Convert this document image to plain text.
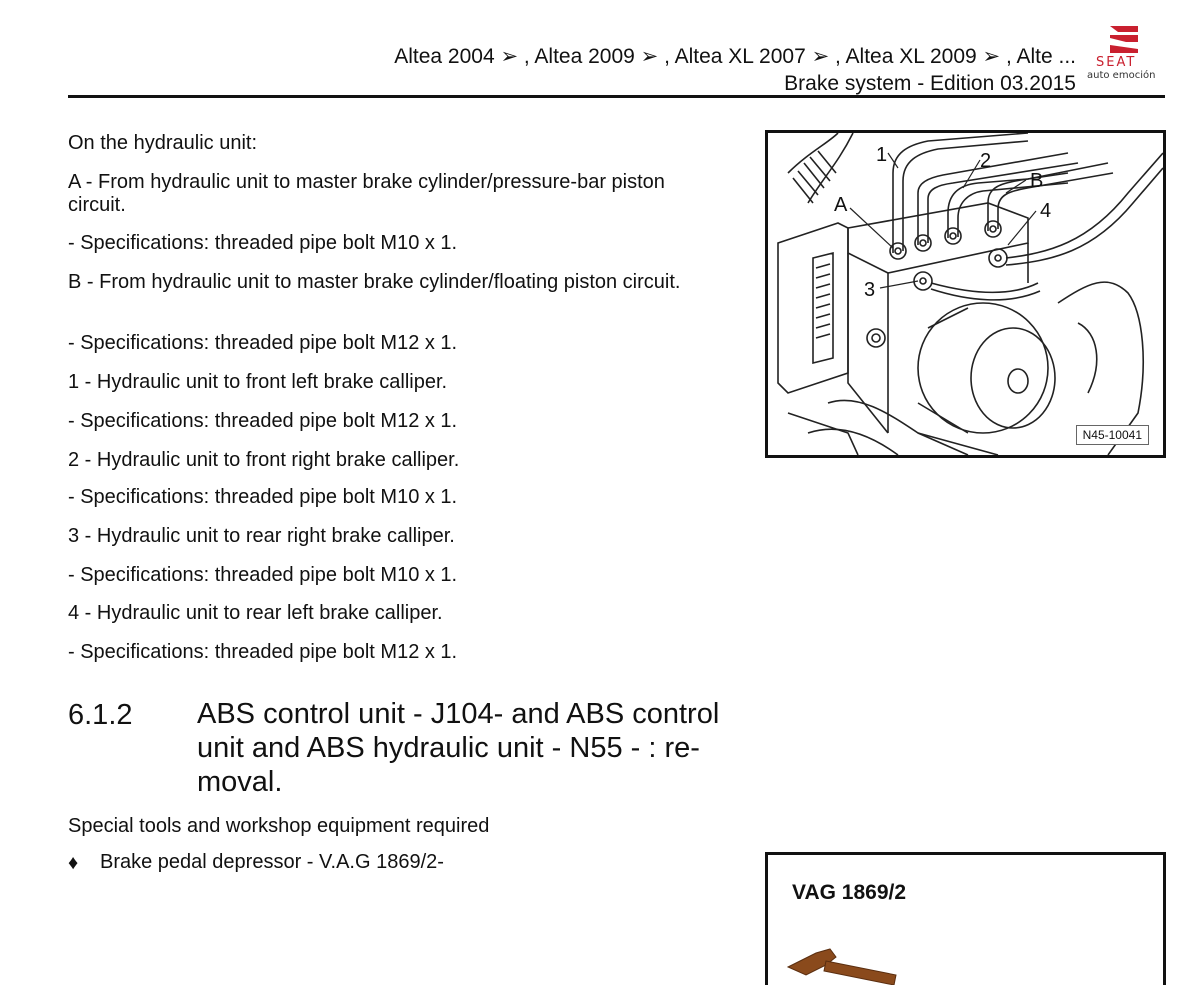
Altea 2004 ➢ , Altea 2009 ➢ , Altea XL 2007 ➢ , Altea XL 2009 ➢ , Alte ...
Brake system - Edition 03.2015
SEAT
auto emoción
On the hydraulic unit:
A - From hydraulic unit to master brake cylinder/pressure-bar piston circuit.
- Specifications: threaded pipe bolt M10 x 1.
B - From hydraulic unit to master brake cylinder/floating piston circuit.
- Specifications: threaded pipe bolt M12 x 1.
1 - Hydraulic unit to front left brake calliper.
- Specifications: threaded pipe bolt M12 x 1.
2 - Hydraulic unit to front right brake calliper.
- Specifications: threaded pipe bolt M10 x 1.
3 - Hydraulic unit to rear right brake calliper.
- Specifications: threaded pipe bolt M10 x 1.
4 - Hydraulic unit to rear left brake calliper.
- Specifications: threaded pipe bolt M12 x 1.
6.1.2 ABS control unit - J104- and ABS control unit and ABS hydraulic unit - N55 - : removal.
Special tools and workshop equipment required
♦ Brake pedal depressor - V.A.G 1869/2-
A
1	2
B
4
3
N45-10041
VAG 1869/2
